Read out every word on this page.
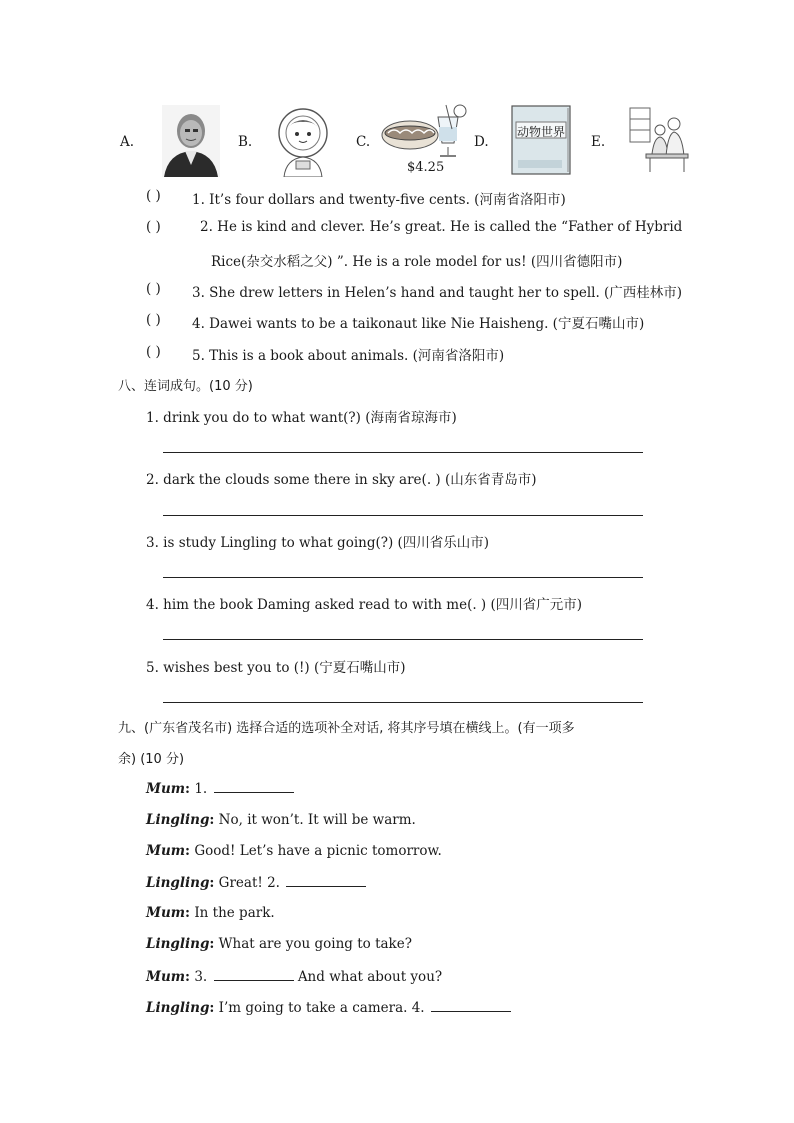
A.	B.	C.
$4.25
D.
动物世界
E.
( ) 1. It’s four dollars and twenty-five cents. (河南省洛阳市)
( )	2. He is kind and clever. He’s great. He is called the “Father of Hybrid
Rice(杂交水稻之父) ”. He is a role model for us! (四川省德阳市)
( ) 3. She drew letters in Helen’s hand and taught her to spell. (广西桂林市)
( ) 4. Dawei wants to be a taikonaut like Nie Haisheng. (宁夏石嘴山市)
( ) 5. This is a book about animals. (河南省洛阳市)
八、连词成句。(10 分)
1. drink you do to what want(?) (海南省琼海市)
2. dark the clouds some there in sky are(. ) (山东省青岛市)
3. is study Lingling to what going(?) (四川省乐山市)
4. him the book Daming asked read to with me(. ) (四川省广元市)
5. wishes best you to (!) (宁夏石嘴山市)
九、(广东省茂名市) 选择合适的选项补全对话, 将其序号填在横线上。(有一项多
余) (10 分)
Mum: 1.
Lingling: No, it won’t. It will be warm.
Mum: Good! Let’s have a picnic tomorrow.
Lingling: Great! 2.
Mum: In the park.
Lingling: What are you going to take?
Mum: 3.	And what about you?
Lingling: I’m going to take a camera. 4.
